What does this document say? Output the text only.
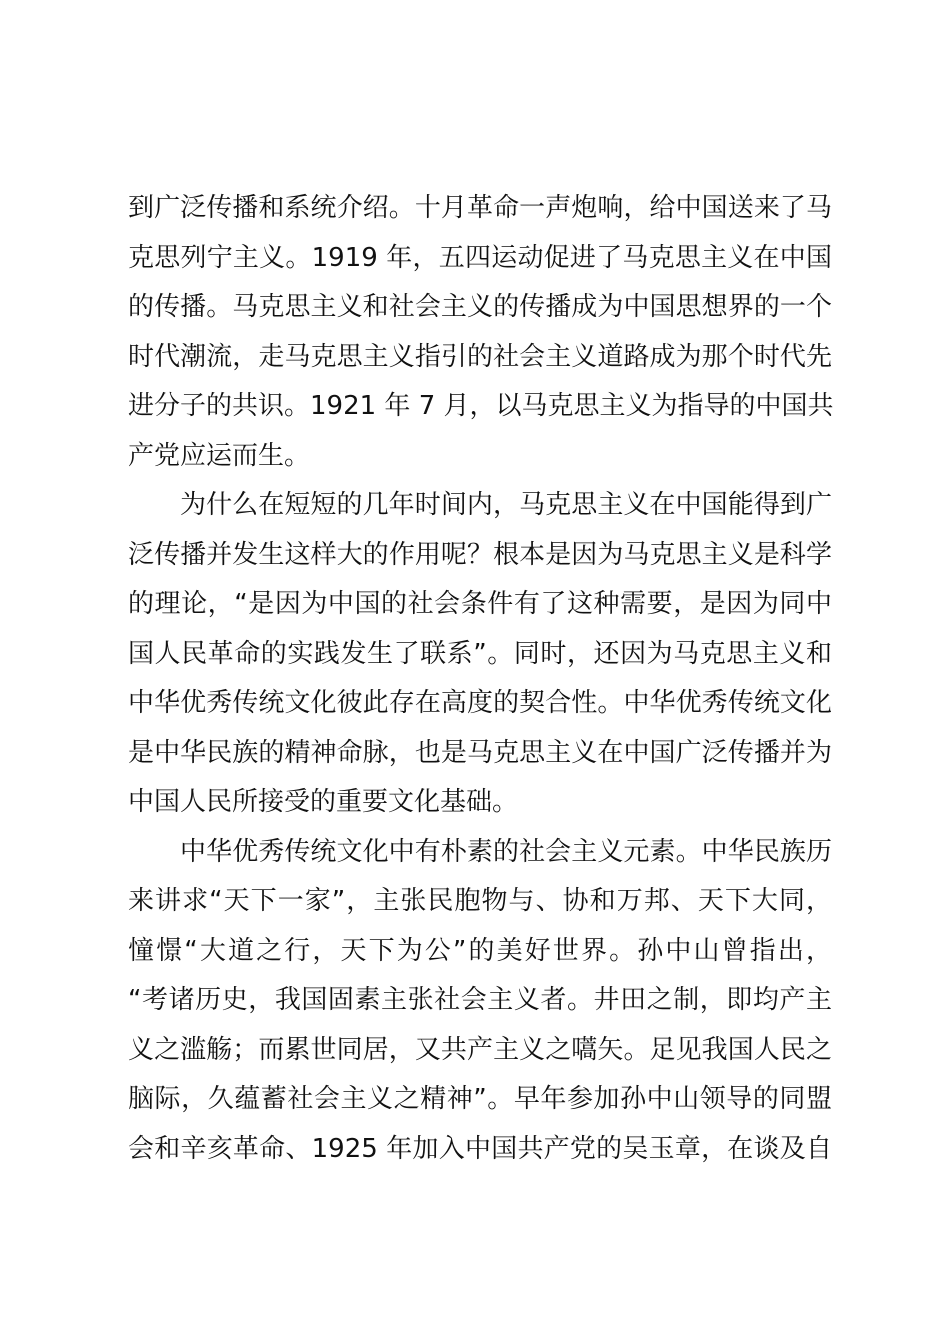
到广泛传播和系统介绍。十月革命一声炮响，给中国送来了马
克思列宁主义。1919 年，五四运动促进了马克思主义在中国
的传播。马克思主义和社会主义的传播成为中国思想界的一个
时代潮流，走马克思主义指引的社会主义道路成为那个时代先
进分子的共识。1921 年 7 月，以马克思主义为指导的中国共
产党应运而生。
为什么在短短的几年时间内，马克思主义在中国能得到广
泛传播并发生这样大的作用呢？根本是因为马克思主义是科学
的理论，“是因为中国的社会条件有了这种需要，是因为同中
国人民革命的实践发生了联系”。同时，还因为马克思主义和
中华优秀传统文化彼此存在高度的契合性。中华优秀传统文化
是中华民族的精神命脉，也是马克思主义在中国广泛传播并为
中国人民所接受的重要文化基础。
中华优秀传统文化中有朴素的社会主义元素。中华民族历
来讲求“天下一家”，主张民胞物与、协和万邦、天下大同，
憧憬“大道之行，天下为公”的美好世界。孙中山曾指出，
“考诸历史，我国固素主张社会主义者。井田之制，即均产主
义之滥觞；而累世同居，又共产主义之嚆矢。足见我国人民之
脑际，久蕴蓄社会主义之精神”。早年参加孙中山领导的同盟
会和辛亥革命、1925 年加入中国共产党的吴玉章，在谈及自
